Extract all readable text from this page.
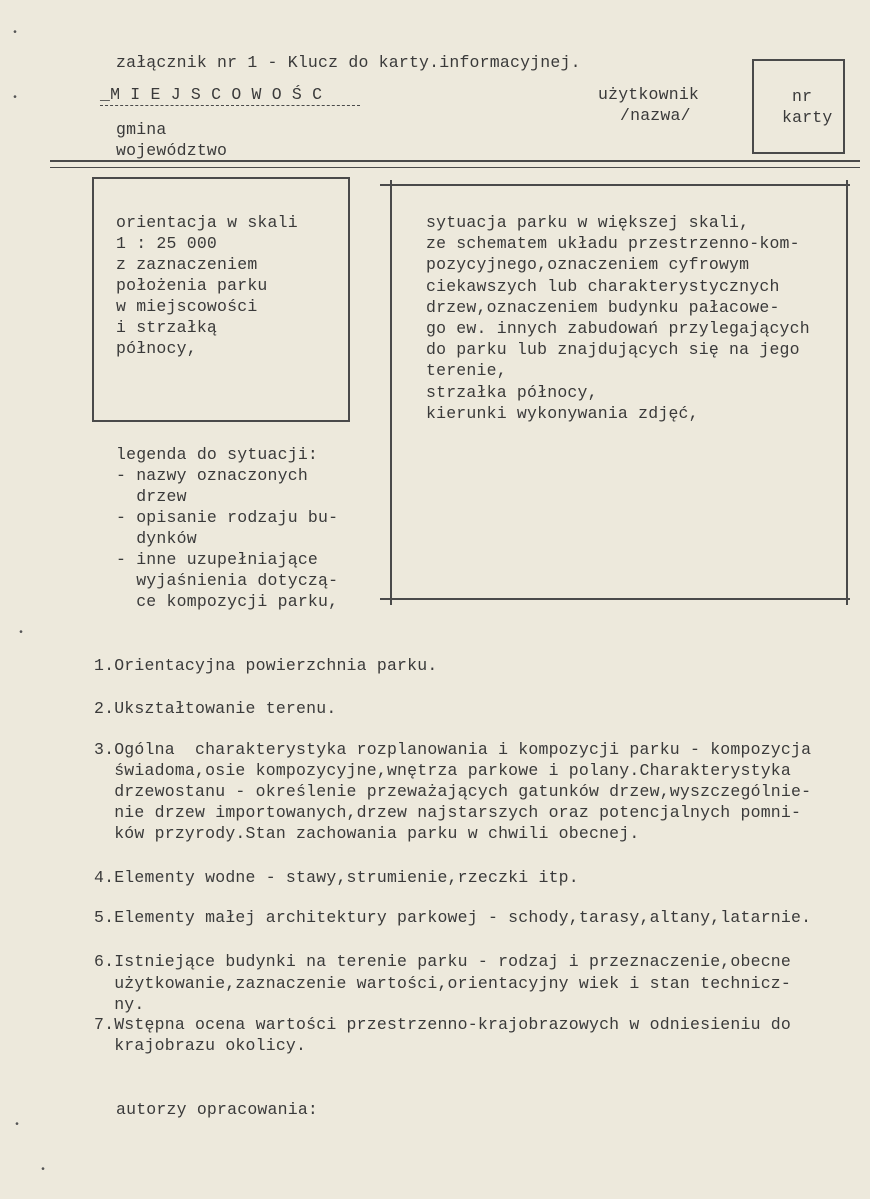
załącznik nr 1 - Klucz do karty.informacyjnej.
_M I E J S C O W O Ś C
gmina
województwo
użytkownik
/nazwa/
nr
karty
orientacja w skali
1 : 25 000
z zaznaczeniem
położenia parku
w miejscowości
i strzałką
północy,
legenda do sytuacji:
- nazwy oznaczonych
drzew
- opisanie rodzaju bu-
dynków
- inne uzupełniające
wyjaśnienia dotyczą-
ce kompozycji parku,
sytuacja parku w większej skali,
ze schematem układu przestrzenno-kom-
pozycyjnego,oznaczeniem cyfrowym
ciekawszych lub charakterystycznych
drzew,oznaczeniem budynku pałacowe-
go ew. innych zabudowań przylegających
do parku lub znajdujących się na jego
terenie,
strzałka północy,
kierunki wykonywania zdjęć,
1.Orientacyjna powierzchnia parku.
2.Ukształtowanie terenu.
3.Ogólna  charakterystyka rozplanowania i kompozycji parku - kompozycja
świadoma,osie kompozycyjne,wnętrza parkowe i polany.Charakterystyka
drzewostanu - określenie przeważających gatunków drzew,wyszczególnie-
nie drzew importowanych,drzew najstarszych oraz potencjalnych pomni-
ków przyrody.Stan zachowania parku w chwili obecnej.
4.Elementy wodne - stawy,strumienie,rzeczki itp.
5.Elementy małej architektury parkowej - schody,tarasy,altany,latarnie.
6.Istniejące budynki na terenie parku - rodzaj i przeznaczenie,obecne
użytkowanie,zaznaczenie wartości,orientacyjny wiek i stan technicz-
ny.
7.Wstępna ocena wartości przestrzenno-krajobrazowych w odniesieniu do
krajobrazu okolicy.
autorzy opracowania:
•
•
•
•
•
